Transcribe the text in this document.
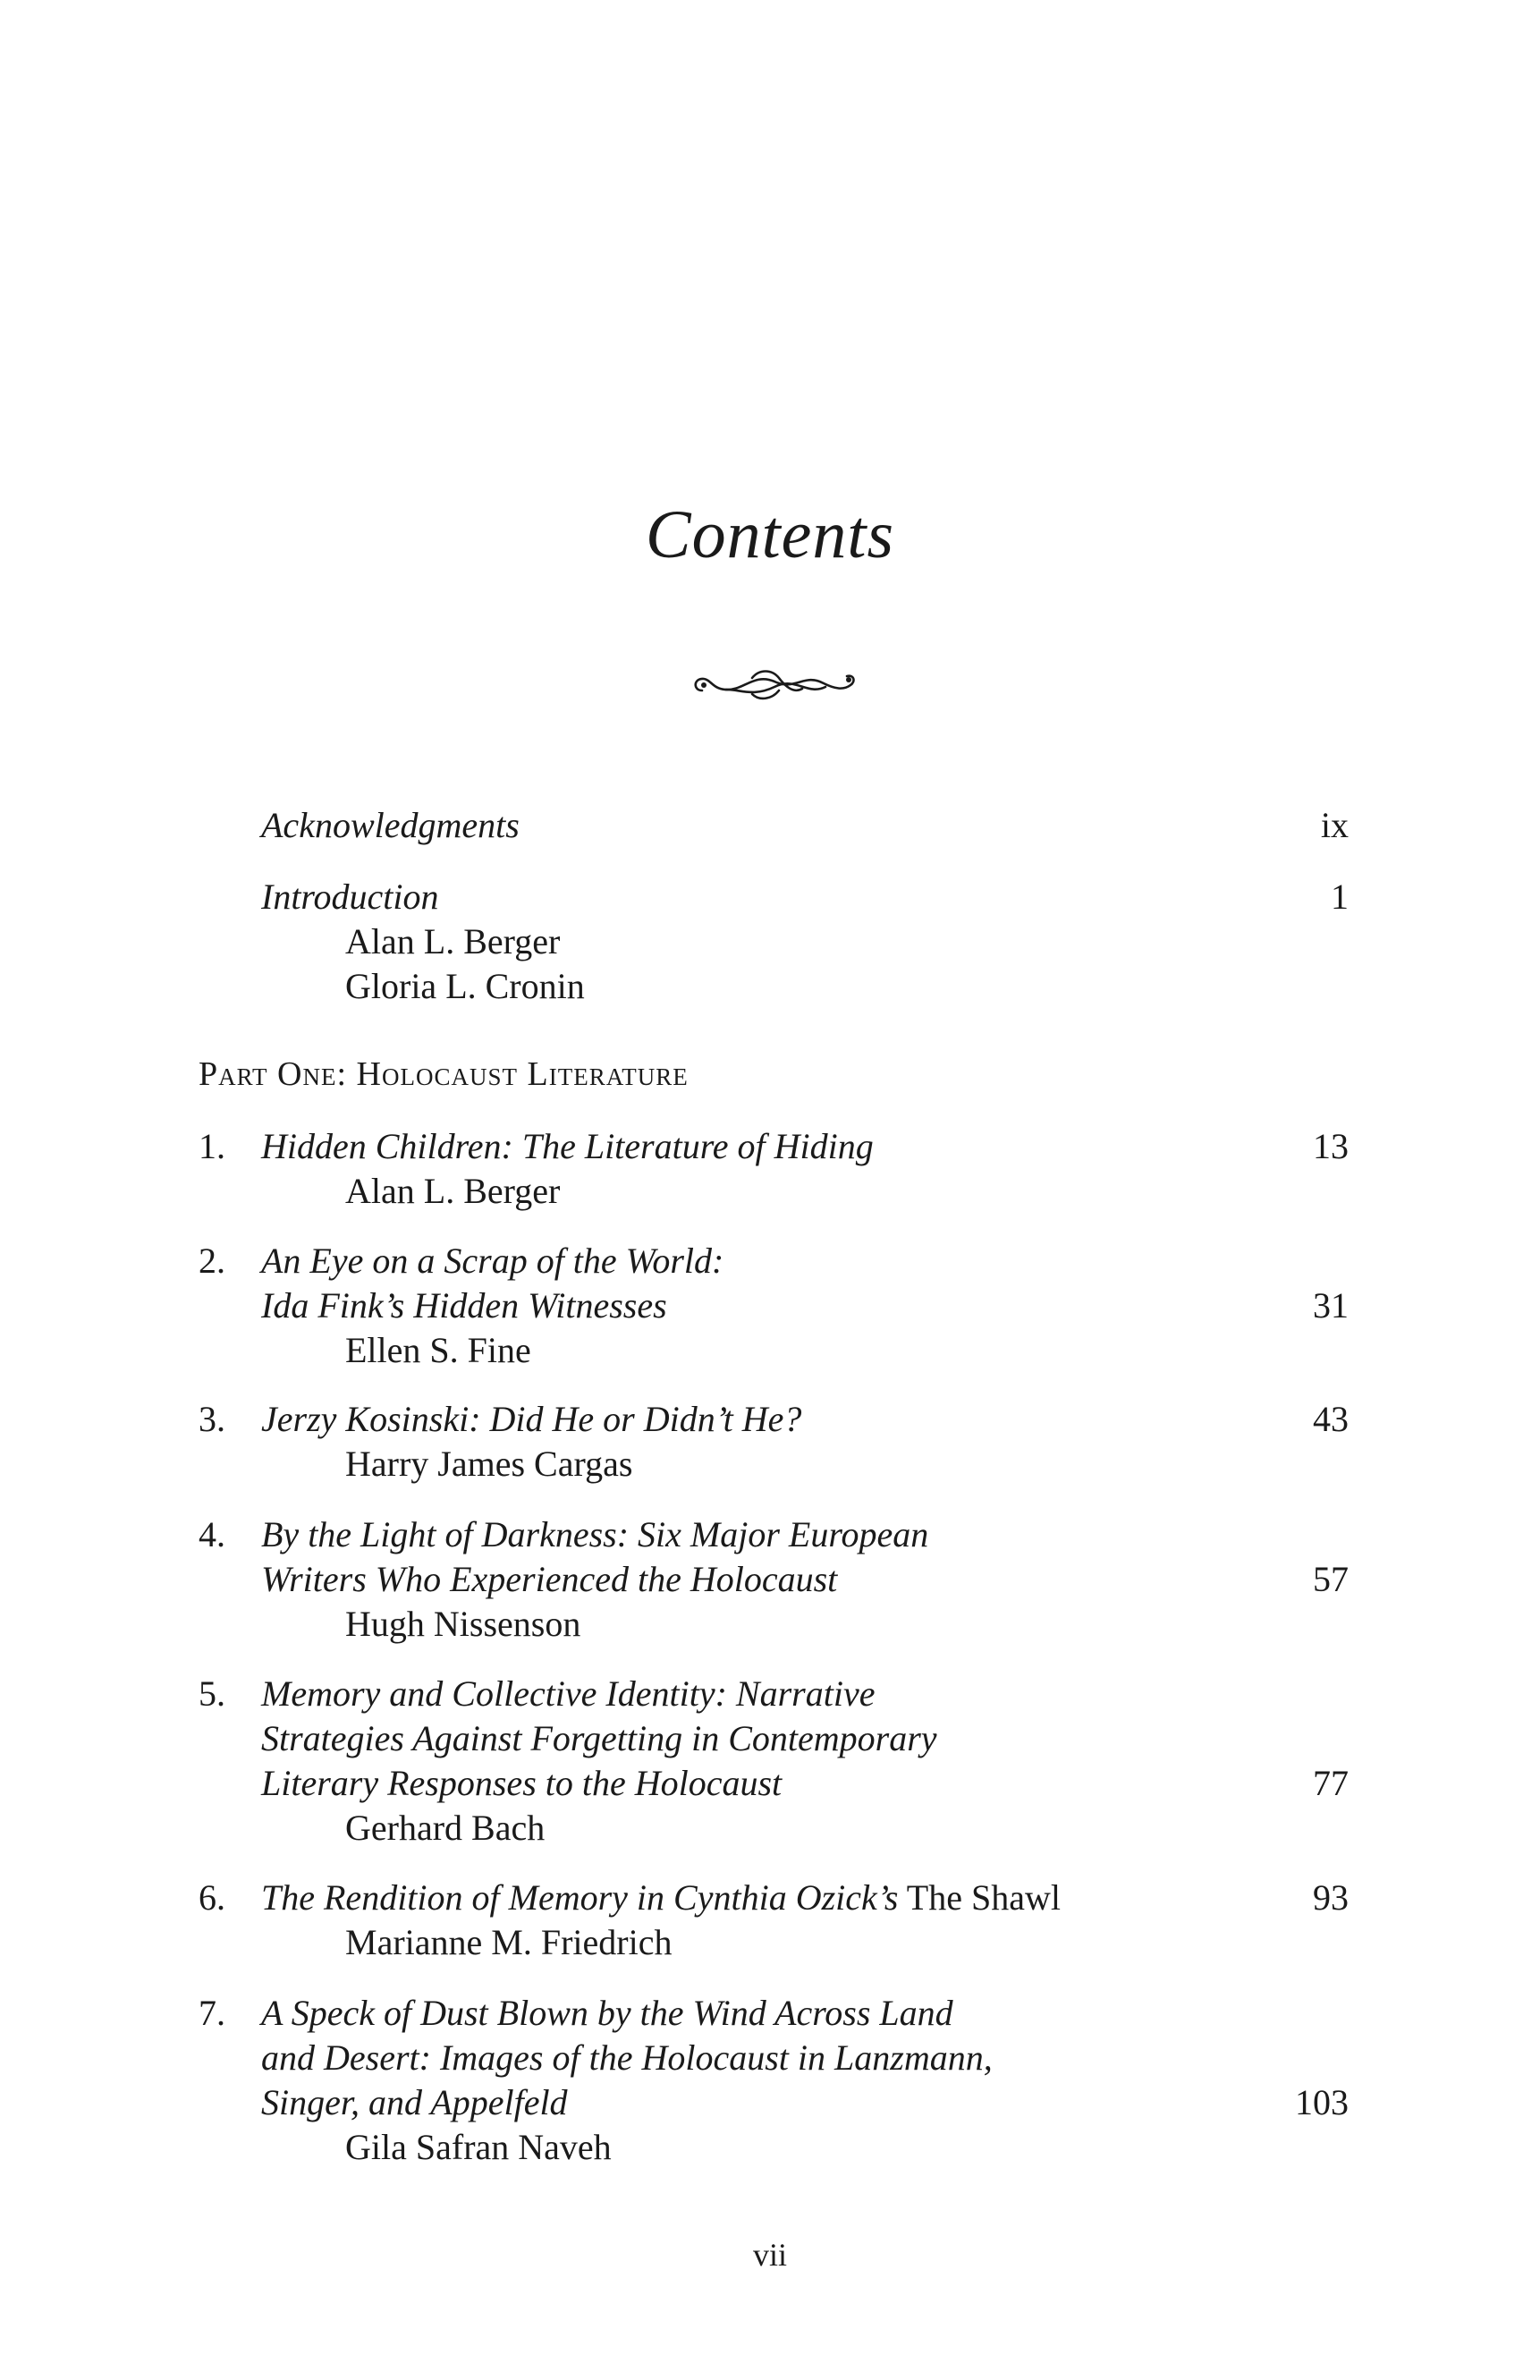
Contents
Acknowledgments	ix
Introduction	1
Alan L. Berger
Gloria L. Cronin
PART ONE: HOLOCAUST LITERATURE
1.	Hidden Children: The Literature of Hiding	13
Alan L. Berger
2.	An Eye on a Scrap of the World:
Ida Fink’s Hidden Witnesses	31
Ellen S. Fine
3.	Jerzy Kosinski: Did He or Didn’t He?	43
Harry James Cargas
4.	By the Light of Darkness: Six Major European
Writers Who Experienced the Holocaust	57
Hugh Nissenson
5.	Memory and Collective Identity: Narrative
Strategies Against Forgetting in Contemporary
Literary Responses to the Holocaust	77
Gerhard Bach
6.	The Rendition of Memory in Cynthia Ozick’s The Shawl	93
Marianne M. Friedrich
7.	A Speck of Dust Blown by the Wind Across Land
and Desert: Images of the Holocaust in Lanzmann,
Singer, and Appelfeld	103
Gila Safran Naveh
vii
